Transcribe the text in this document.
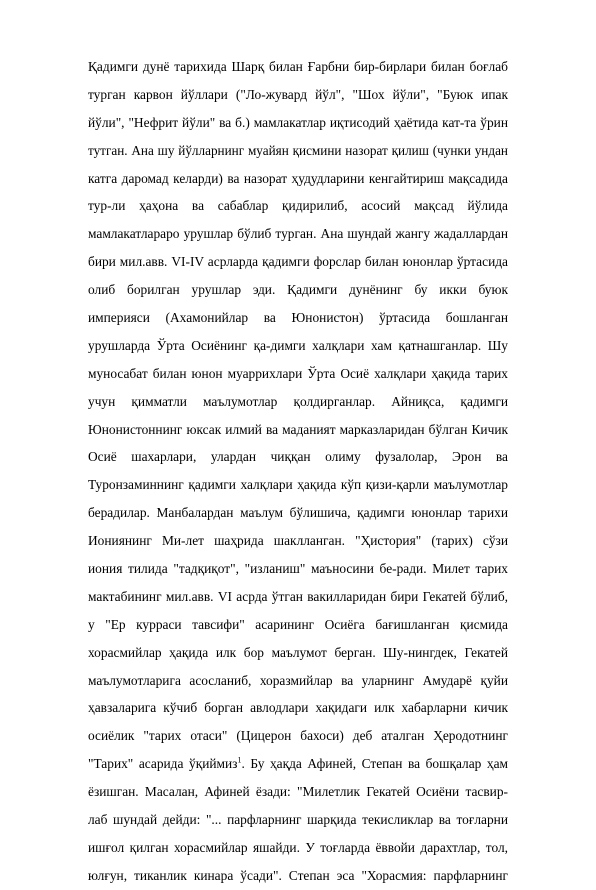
Қадимги дунё тарихида Шарқ билан Ғарбни бир-бирлари билан боғлаб
турган карвон йўллари ("Ло-жувард йўл", "Шох йўли", "Буюк ипак
йўли", "Нефрит йўли" ва б.) мамлакатлар иқтисодий ҳаётида кат-та ўрин
тутган. Ана шу йўлларнинг муайян қисмини назорат қилиш (чунки ундан
катга даромад келарди) ва назорат ҳудудларини кенгайтириш мақсадида
тур-ли ҳаҳона ва сабаблар қидирилиб, асосий мақсад йўлида
мамлакатлараро урушлар бўлиб турган. Ана шундай жангу жадаллардан
бири мил.авв. VI-IV асрларда қадимги форслар билан юнонлар ўртасида
олиб борилган урушлар эди. Қадимги дунёнинг бу икки буюк
империяси (Ахамонийлар ва Юнонистон) ўртасида бошланган
урушларда Ўрта Осиёнинг қа-димги халқлари хам қатнашганлар. Шу
муносабат билан юнон муаррихлари Ўрта Осиё халқлари ҳақида тарих
учун қимматли маълумотлар қолдирганлар. Айниқса, қадимги
Юнонистоннинг юксак илмий ва маданият марказларидан бўлган Кичик
Осиё шахарлари, улардан чиққан олиму фузалолар, Эрон ва
Туронзаминнинг қадимги халқлари ҳақида кўп қизи-қарли маълумотлар
берадилар. Манбалардан маълум бўлишича, қадимги юнонлар тарихи
Иониянинг Ми-лет шаҳрида шаклланган. "Ҳистория" (тарих) сўзи
иония тилида "тадқиқот", "изланиш" маъносини бе-ради. Милет тарих
мактабининг мил.авв. VI асрда ўтган вакилларидан бири Гекатей бўлиб,
у "Ер курраси тавсифи" асарининг Осиёга бағишланган қисмида
хорасмийлар ҳақида илк бор маълумот берган. Шу-нингдек, Гекатей
маълумотларига асосланиб, хоразмийлар ва уларнинг Амударё қуйи
ҳавзаларига кўчиб борган авлодлари хақидаги илк хабарларни кичик
осиёлик "тарих отаси" (Цицерон бахоси) деб аталган Ҳеродотнинг
"Тарих" асарида ўқиймиз$^1$. Бу ҳақда Афиней, Степан ва бошқалар ҳам
ёзишган. Масалан, Афиней ёзади: "Милетлик Гекатей Осиёни тасвир-
лаб шундай дейди: "... парфларнинг шарқида текисликлар ва тоғларни
ишғол қилган хорасмийлар яшайди. У тоғларда ёввойи дарахтлар, тол,
юлғун, тиканлик кинара ўсади". Степан эса "Хорасмия: парфларнинг
